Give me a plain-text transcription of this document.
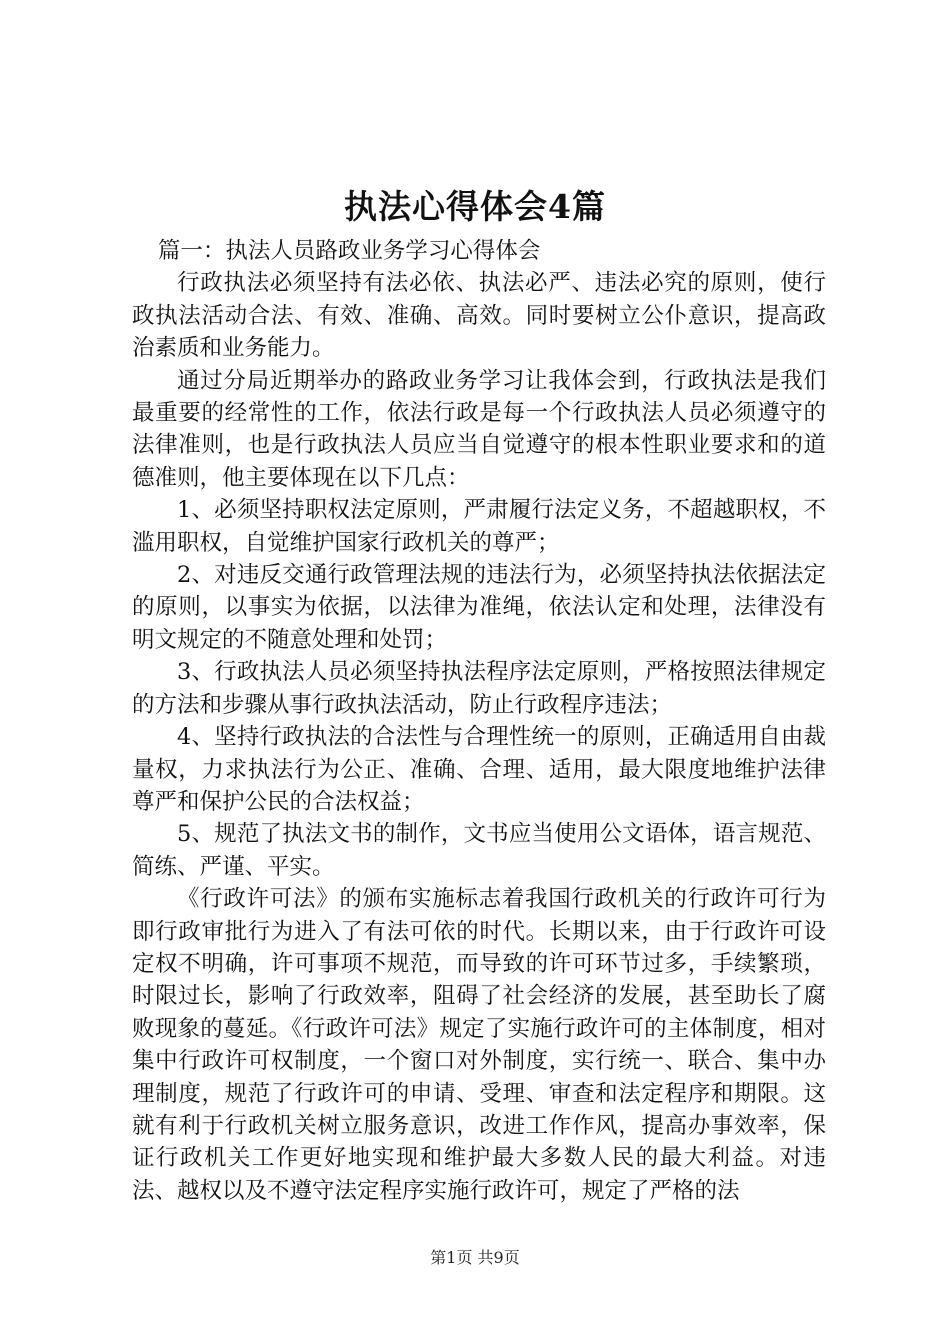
执法心得体会4篇

篇一：执法人员路政业务学习心得体会

行政执法必须坚持有法必依、执法必严、违法必究的原则，使行政执法活动合法、有效、准确、高效。同时要树立公仆意识，提高政治素质和业务能力。

通过分局近期举办的路政业务学习让我体会到，行政执法是我们最重要的经常性的工作，依法行政是每一个行政执法人员必须遵守的法律准则，也是行政执法人员应当自觉遵守的根本性职业要求和的道德准则，他主要体现在以下几点：

1、必须坚持职权法定原则，严肃履行法定义务，不超越职权，不滥用职权，自觉维护国家行政机关的尊严；

2、对违反交通行政管理法规的违法行为，必须坚持执法依据法定的原则，以事实为依据，以法律为准绳，依法认定和处理，法律没有明文规定的不随意处理和处罚；

3、行政执法人员必须坚持执法程序法定原则，严格按照法律规定的方法和步骤从事行政执法活动，防止行政程序违法；

4、坚持行政执法的合法性与合理性统一的原则，正确适用自由裁量权，力求执法行为公正、准确、合理、适用，最大限度地维护法律尊严和保护公民的合法权益；

5、规范了执法文书的制作，文书应当使用公文语体，语言规范、简练、严谨、平实。

《行政许可法》的颁布实施标志着我国行政机关的行政许可行为即行政审批行为进入了有法可依的时代。长期以来，由于行政许可设定权不明确，许可事项不规范，而导致的许可环节过多，手续繁琐，时限过长，影响了行政效率，阻碍了社会经济的发展，甚至助长了腐败现象的蔓延。《行政许可法》规定了实施行政许可的主体制度，相对集中行政许可权制度，一个窗口对外制度，实行统一、联合、集中办理制度，规范了行政许可的申请、受理、审查和法定程序和期限。这就有利于行政机关树立服务意识，改进工作作风，提高办事效率，保证行政机关工作更好地实现和维护最大多数人民的最大利益。对违法、越权以及不遵守法定程序实施行政许可，规定了严格的法

第1页 共9页
